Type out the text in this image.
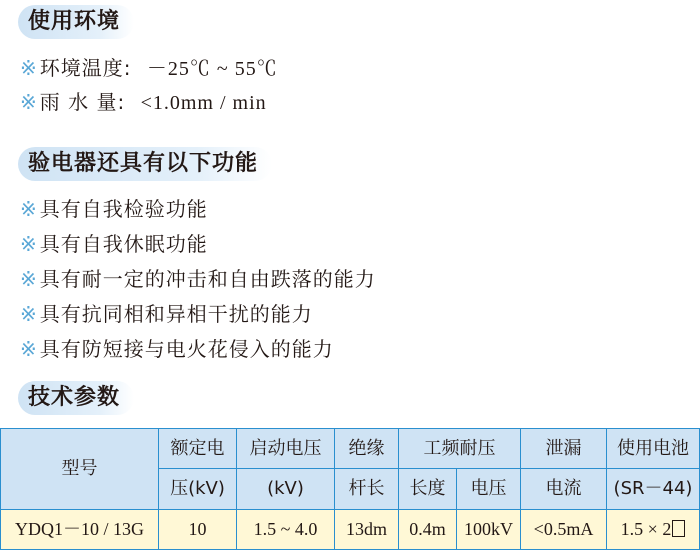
使用环境
※ 环境温度: －25℃ ~ 55℃
※ 雨 水 量: <1.0mm / min
验电器还具有以下功能
※ 具有自我检验功能
※ 具有自我休眠功能
※ 具有耐一定的冲击和自由跌落的能力
※ 具有抗同相和异相干扰的能力
※ 具有防短接与电火花侵入的能力
技术参数
型号	额定电	启动电压	绝缘	工频耐压		泄漏	使用电池
	压(kV)	(kV)	杆长	长度	电压	电流	(SR－44)
YDQ1－10 / 13G	10	1.5 ~ 4.0	13dm	0.4m	100kV	<0.5mA	1.5 × 2
